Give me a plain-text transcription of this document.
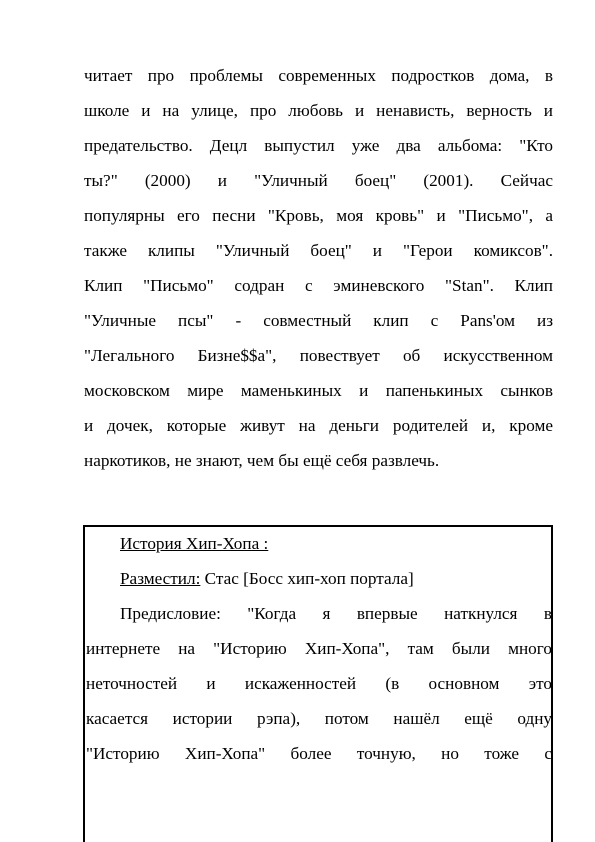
читает про проблемы современных подростков дома, в
школе и на улице, про любовь и ненависть, верность и
предательство. Децл выпустил уже два альбома: "Кто
ты?" (2000) и "Уличный боец" (2001). Сейчас
популярны его песни "Кровь, моя кровь" и "Письмо", а
также клипы "Уличный боец" и "Герои комиксов".
Клип "Письмо" содран с эминевского "Stan". Клип
"Уличные псы" - совместный клип с Pans'ом из
"Легального Бизне$$а", повествует об искусственном
московском мире маменькиных и папенькиных сынков
и дочек, которые живут на деньги родителей и, кроме
наркотиков, не знают, чем бы ещё себя развлечь.
История Хип-Хопа :
Разместил: Стас [Босс хип-хоп портала]
Предисловие: "Когда я впервые наткнулся в
интернете на "Историю Хип-Хопа", там были много
неточностей и искаженностей (в основном это
касается истории рэпа), потом нашёл ещё одну
"Историю Хип-Хопа" более точную, но тоже с
